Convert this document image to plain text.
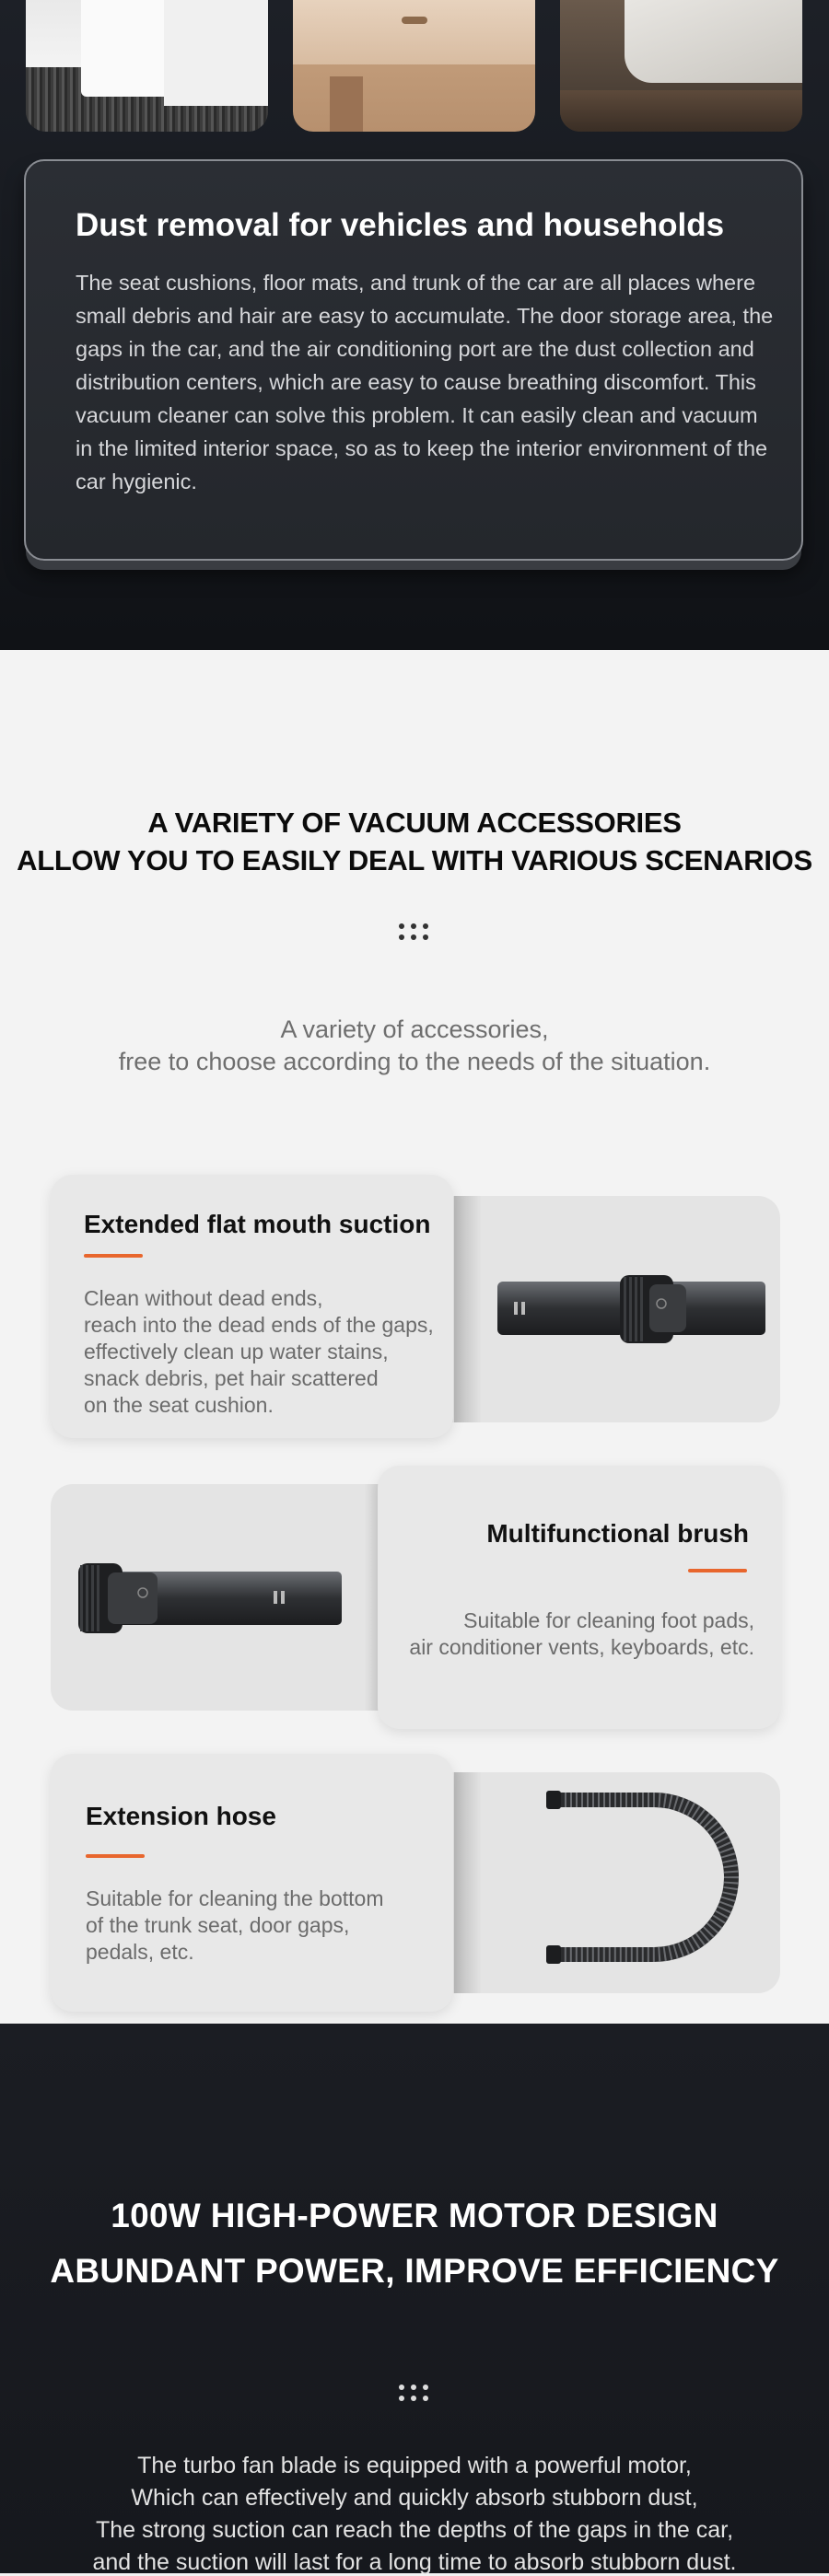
Dust removal for vehicles and households

The seat cushions, floor mats, and trunk of the car are all places where small debris and hair are easy to accumulate. The door storage area, the gaps in the car, and the air conditioning port are the dust collection and distribution centers, which are easy to cause breathing discomfort. This vacuum cleaner can solve this problem. It can easily clean and vacuum in the limited interior space, so as to keep the interior environment of the car hygienic.

A VARIETY OF VACUUM ACCESSORIES
ALLOW YOU TO EASILY DEAL WITH VARIOUS SCENARIOS

A variety of accessories,

free to choose according to the needs of the situation.

Extended flat mouth suction

Clean without dead ends,
reach into the dead ends of the gaps,
effectively clean up water stains,
snack debris, pet hair scattered
on the seat cushion.

Multifunctional brush

Suitable for cleaning foot pads,
air conditioner vents, keyboards, etc.

Extension hose

Suitable for cleaning the bottom
of the trunk seat, door gaps,
pedals, etc.

100W HIGH-POWER MOTOR DESIGN
ABUNDANT POWER, IMPROVE EFFICIENCY

The turbo fan blade is equipped with a powerful motor,

Which can effectively and quickly absorb stubborn dust,

The strong suction can reach the depths of the gaps in the car,

and the suction will last for a long time to absorb stubborn dust.
